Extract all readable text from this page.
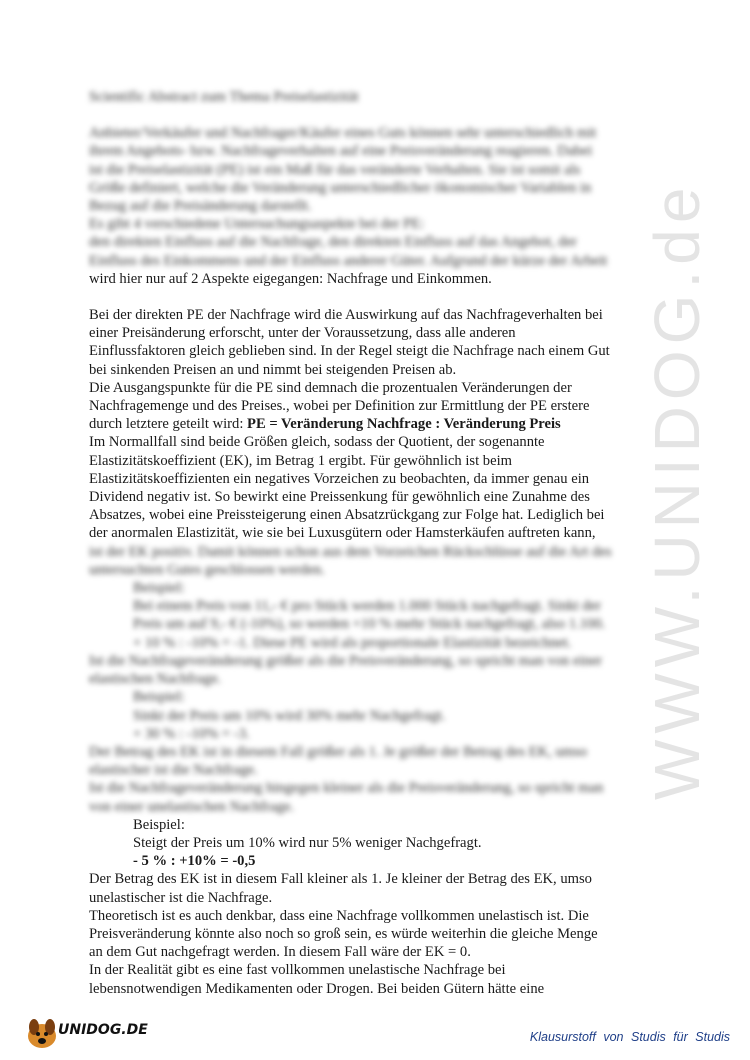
WWW.UNIDOG.de

Scientific Abstract zum Thema Preiselastizität

Anbieter/Verkäufer und Nachfrager/Käufer eines Guts können sehr unterschiedlich mit

ihrem Angebots- bzw. Nachfrageverhalten auf eine Preisveränderung reagieren. Dabei

ist die Preiselastizität (PE) ist ein Maß für das veränderte Verhalten. Sie ist somit als

Größe definiert, welche die Veränderung unterschiedlicher ökonomischer Variablen in

Bezug auf die Preisänderung darstellt.

Es gibt 4 verschiedene Untersuchungsaspekte bei der PE:

den direkten Einfluss auf die Nachfrage, den direkten Einfluss auf das Angebot, der

Einfluss des Einkommens und der Einfluss anderer Güter. Aufgrund der kürze der Arbeit

wird hier nur auf 2 Aspekte eigegangen: Nachfrage und Einkommen.

Bei der direkten PE der Nachfrage wird die Auswirkung auf das Nachfrageverhalten bei

einer Preisänderung erforscht, unter der Voraussetzung, dass alle anderen

Einflussfaktoren gleich geblieben sind. In der Regel steigt die Nachfrage nach einem Gut

bei sinkenden Preisen an und nimmt bei steigenden Preisen ab.

Die Ausgangspunkte für die PE sind demnach die prozentualen Veränderungen der

Nachfragemenge und des Preises., wobei per Definition zur Ermittlung der PE erstere

durch letztere geteilt wird: PE = Veränderung Nachfrage : Veränderung Preis

Im Normallfall sind beide Größen gleich, sodass der Quotient, der sogenannte

Elastizitätskoeffizient (EK), im Betrag 1 ergibt. Für gewöhnlich ist beim

Elastizitätskoeffizienten ein negatives Vorzeichen zu beobachten, da immer genau ein

Dividend negativ ist. So bewirkt eine Preissenkung für gewöhnlich eine Zunahme des

Absatzes, wobei eine Preissteigerung einen Absatzrückgang zur Folge hat. Lediglich bei

der anormalen Elastizität, wie sie bei Luxusgütern oder Hamsterkäufen auftreten kann,

ist der EK positiv. Damit können schon aus dem Vorzeichen Rückschlüsse auf die Art des

untersuchten Gutes geschlossen werden.

Beispiel:

Bei einem Preis von 11,- € pro Stück werden 1.000 Stück nachgefragt. Sinkt der

Preis um auf 9,- € (-10%), so werden +10 % mehr Stück nachgefragt, also 1.100.

+ 10 % : -10% = -1. Diese PE wird als proportionale Elastizität bezeichnet.

Ist die Nachfrageveränderung größer als die Preisveränderung, so spricht man von einer

elastischen Nachfrage.

Beispiel:

Sinkt der Preis um 10% wird 30% mehr Nachgefragt.

+ 30 % : -10% = -3.

Der Betrag des EK ist in diesem Fall größer als 1. Je größer der Betrag des EK, umso

elastischer ist die Nachfrage.

Ist die Nachfrageveränderung hingegen kleiner als die Preisveränderung, so spricht man

von einer unelastischen Nachfrage.

Beispiel:

Steigt der Preis um 10% wird nur 5% weniger Nachgefragt.

- 5 % : +10% = -0,5

Der Betrag des EK ist in diesem Fall kleiner als 1. Je kleiner der Betrag des EK, umso

unelastischer ist die Nachfrage.

Theoretisch ist es auch denkbar, dass eine Nachfrage vollkommen unelastisch ist. Die

Preisveränderung könnte also noch so groß sein, es würde weiterhin die gleiche Menge

an dem Gut nachgefragt werden. In diesem Fall wäre der EK = 0.

In der Realität gibt es eine fast vollkommen unelastische Nachfrage bei

lebensnotwendigen Medikamenten oder Drogen. Bei beiden Gütern hätte eine

UNIDOG.DE	Klausurstoff von Studis für Studis
